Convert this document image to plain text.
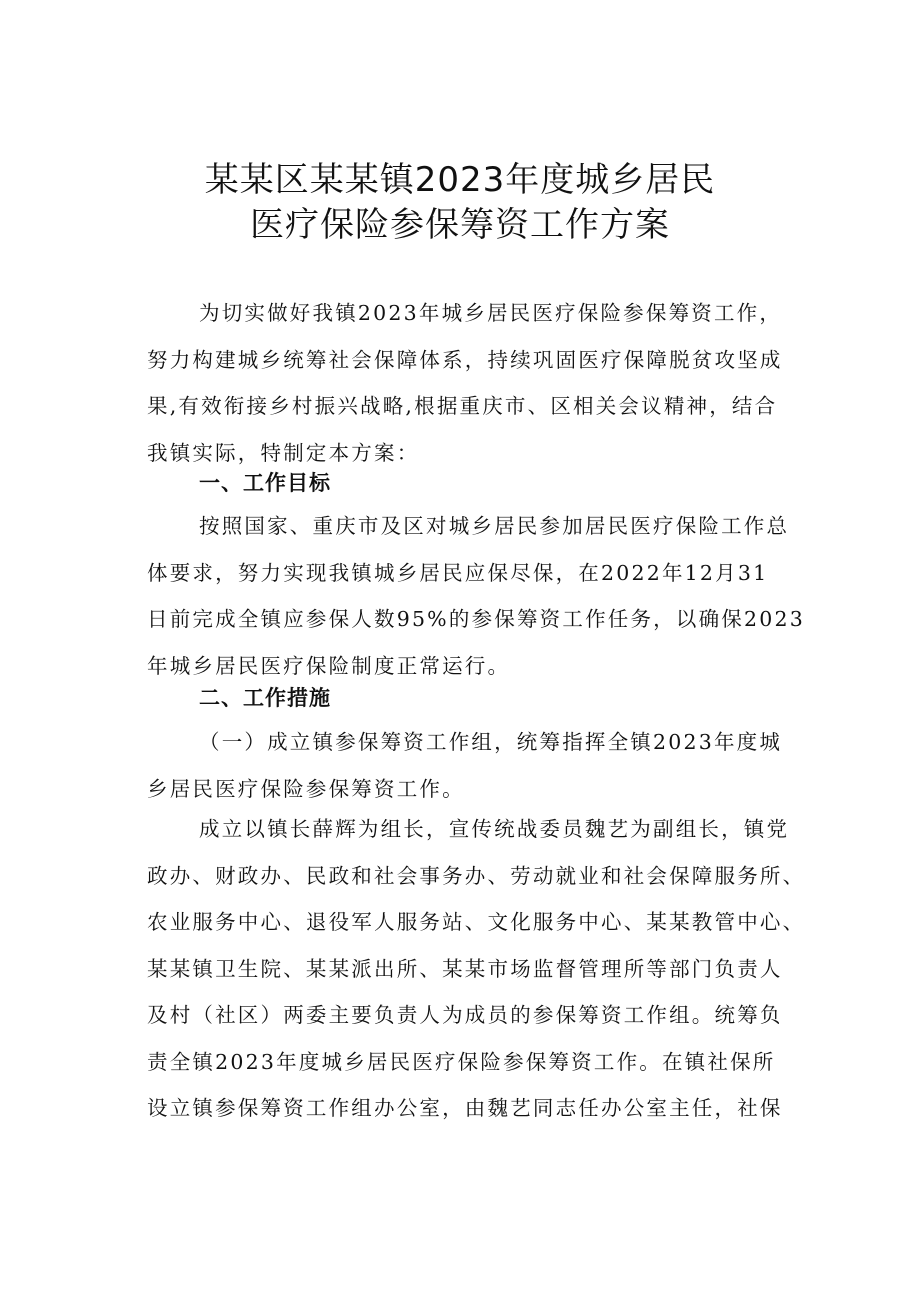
某某区某某镇2023年度城乡居民
医疗保险参保筹资工作方案
为切实做好我镇2023年城乡居民医疗保险参保筹资工作，
努力构建城乡统筹社会保障体系，持续巩固医疗保障脱贫攻坚成
果,有效衔接乡村振兴战略,根据重庆市、区相关会议精神，结合
我镇实际，特制定本方案：
一、工作目标
按照国家、重庆市及区对城乡居民参加居民医疗保险工作总
体要求，努力实现我镇城乡居民应保尽保，在2022年12月31
日前完成全镇应参保人数95%的参保筹资工作任务，以确保2023
年城乡居民医疗保险制度正常运行。
二、工作措施
（一）成立镇参保筹资工作组，统筹指挥全镇2023年度城
乡居民医疗保险参保筹资工作。
成立以镇长薛辉为组长，宣传统战委员魏艺为副组长，镇党
政办、财政办、民政和社会事务办、劳动就业和社会保障服务所、
农业服务中心、退役军人服务站、文化服务中心、某某教管中心、
某某镇卫生院、某某派出所、某某市场监督管理所等部门负责人
及村（社区）两委主要负责人为成员的参保筹资工作组。统筹负
责全镇2023年度城乡居民医疗保险参保筹资工作。在镇社保所
设立镇参保筹资工作组办公室，由魏艺同志任办公室主任，社保
